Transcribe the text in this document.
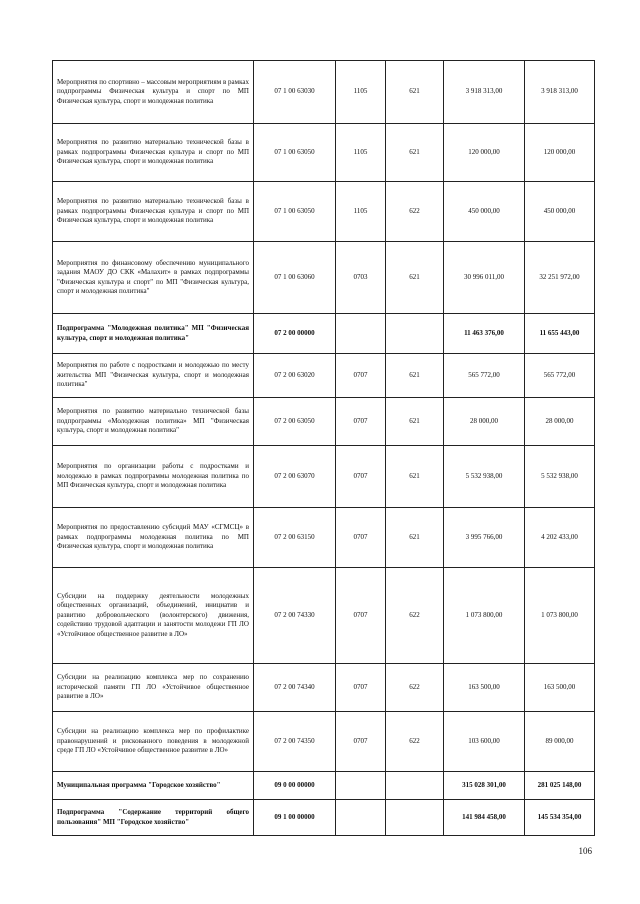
Мероприятия по спортивно – массовым мероприятиям в рамках подпрограммы Физическая культура и спорт по МП Физическая культура, спорт и молодежная политика	07 1 00 63030	1105	621	3 918 313,00	3 918 313,00
Мероприятия по развитию материально технической базы в рамках подпрограммы Физическая культура и спорт по МП Физическая культура, спорт и молодежная политика	07 1 00 63050	1105	621	120 000,00	120 000,00
Мероприятия по развитию материально технической базы в рамках подпрограммы Физическая культура и спорт по МП Физическая культура, спорт и молодежная политика	07 1 00 63050	1105	622	450 000,00	450 000,00
Мероприятия по финансовому обеспечению муниципального задания МАОУ ДО СКК «Малахит» в рамках подпрограммы "Физическая культура и спорт" по МП "Физическая культура, спорт и молодежная политика"	07 1 00 63060	0703	621	30 996 011,00	32 251 972,00
Подпрограмма "Молодежная политика" МП "Физическая культура, спорт и молодежная политика"	07 2 00 00000			11 463 376,00	11 655 443,00
Мероприятия по работе с подростками и молодежью по месту жительства МП "Физическая культура, спорт и молодежная политика"	07 2 00 63020	0707	621	565 772,00	565 772,00
Мероприятия по развитию материально технической базы подпрограммы «Молодежная политика» МП "Физическая культура, спорт и молодежная политика"	07 2 00 63050	0707	621	28 000,00	28 000,00
Мероприятия по организации работы с подростками и молодежью в рамках подпрограммы молодежная политика по МП Физическая культура, спорт и молодежная политика	07 2 00 63070	0707	621	5 532 938,00	5 532 938,00
Мероприятия по предоставлению субсидий МАУ «СГМСЦ» в рамках подпрограммы молодежная политика по МП Физическая культура, спорт и молодежная политика	07 2 00 63150	0707	621	3 995 766,00	4 202 433,00
Субсидии на поддержку деятельности молодежных общественных организаций, объединений, инициатив и развитию добровольческого (волонтерского) движения, содействию трудовой адаптации и занятости молодежи ГП ЛО «Устойчивое общественное развитие в ЛО»	07 2 00 74330	0707	622	1 073 800,00	1 073 800,00
Субсидии на реализацию комплекса мер по сохранению исторической памяти ГП ЛО «Устойчивое общественное развитие в ЛО»	07 2 00 74340	0707	622	163 500,00	163 500,00
Субсидии на реализацию комплекса мер по профилактике правонарушений и рискованного поведения в молодежной среде ГП ЛО «Устойчивое общественное развитие в ЛО»	07 2 00 74350	0707	622	103 600,00	89 000,00
Муниципальная программа "Городское хозяйство"	09 0 00 00000			315 028 301,00	281 025 148,00
Подпрограмма "Содержание территорий общего пользования" МП "Городское хозяйство"	09 1 00 00000			141 984 458,00	145 534 354,00
106
